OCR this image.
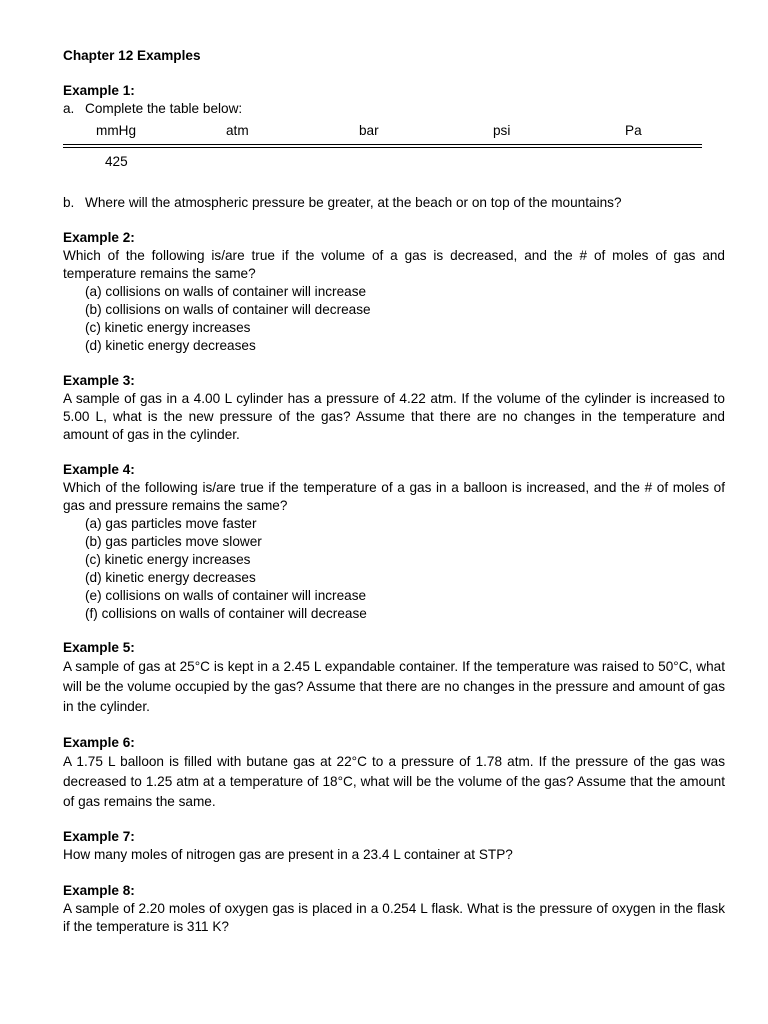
Chapter 12 Examples
Example 1:
a. Complete the table below:
mmHg	atm	bar	psi	Pa
425
b. Where will the atmospheric pressure be greater, at the beach or on top of the mountains?
Example 2:
Which of the following is/are true if the volume of a gas is decreased, and the # of moles of gas and temperature remains the same?
(a) collisions on walls of container will increase
(b) collisions on walls of container will decrease
(c) kinetic energy increases
(d) kinetic energy decreases
Example 3:
A sample of gas in a 4.00 L cylinder has a pressure of 4.22 atm. If the volume of the cylinder is increased to 5.00 L, what is the new pressure of the gas? Assume that there are no changes in the temperature and amount of gas in the cylinder.
Example 4:
Which of the following is/are true if the temperature of a gas in a balloon is increased, and the # of moles of gas and pressure remains the same?
(a) gas particles move faster
(b) gas particles move slower
(c) kinetic energy increases
(d) kinetic energy decreases
(e) collisions on walls of container will increase
(f) collisions on walls of container will decrease
Example 5:
A sample of gas at 25°C is kept in a 2.45 L expandable container. If the temperature was raised to 50°C, what will be the volume occupied by the gas? Assume that there are no changes in the pressure and amount of gas in the cylinder.
Example 6:
A 1.75 L balloon is filled with butane gas at 22°C to a pressure of 1.78 atm. If the pressure of the gas was decreased to 1.25 atm at a temperature of 18°C, what will be the volume of the gas? Assume that the amount of gas remains the same.
Example 7:
How many moles of nitrogen gas are present in a 23.4 L container at STP?
Example 8:
A sample of 2.20 moles of oxygen gas is placed in a 0.254 L flask. What is the pressure of oxygen in the flask if the temperature is 311 K?
